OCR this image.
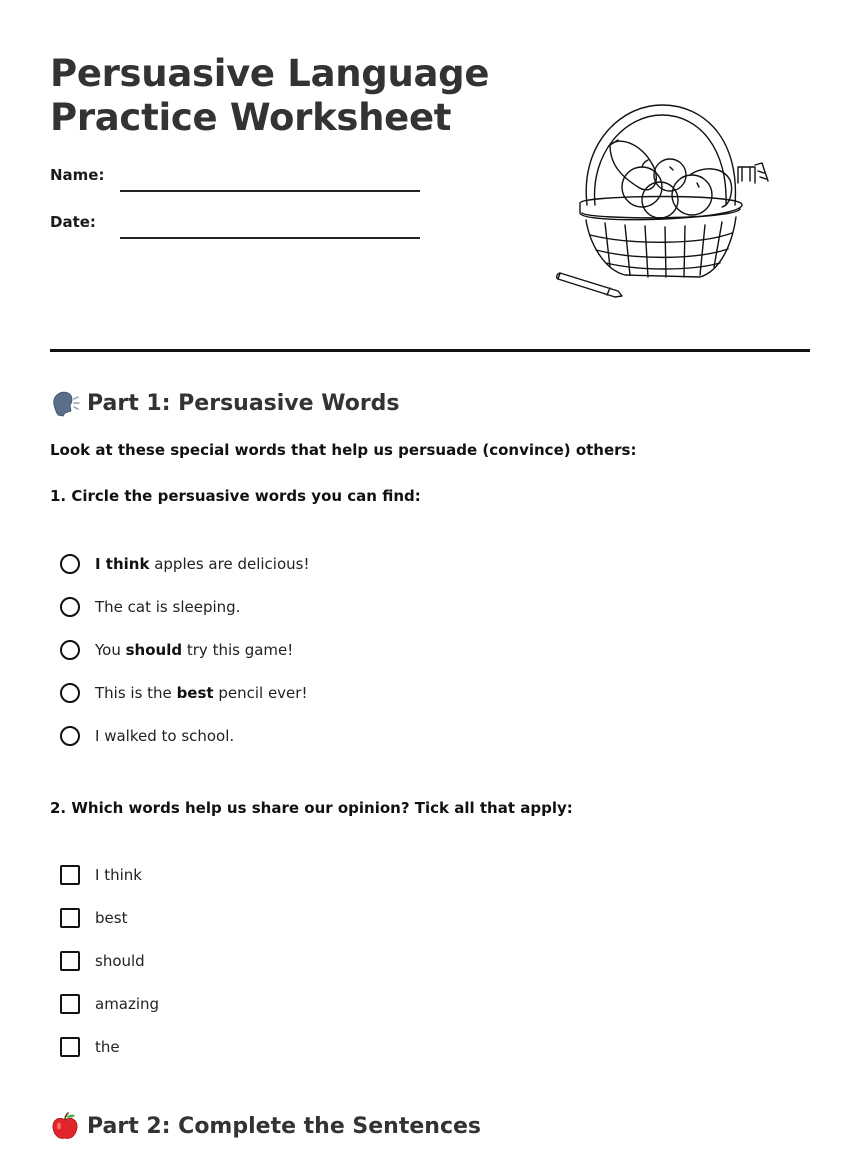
Persuasive Language
Practice Worksheet
Name:
Date:
Part 1: Persuasive Words

Look at these special words that help us persuade (convince) others:

1. Circle the persuasive words you can find:

I think apples are delicious!
The cat is sleeping.
You should try this game!
This is the best pencil ever!
I walked to school.

2. Which words help us share our opinion? Tick all that apply:

I think
best
should
amazing
the
Part 2: Complete the Sentences
